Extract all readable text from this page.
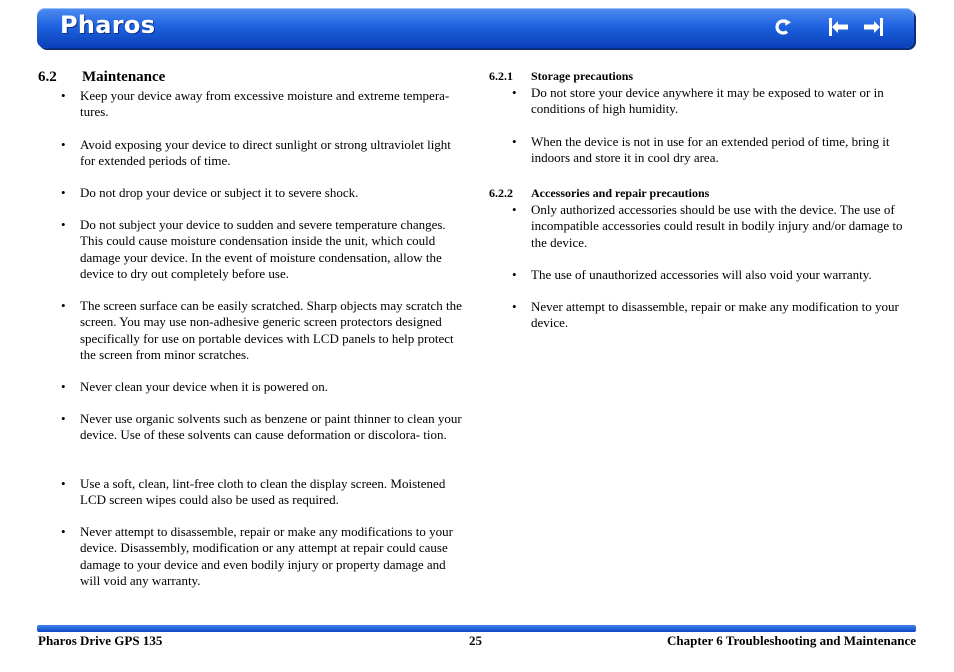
Pharos
6.2 Maintenance
• Keep your device away from excessive moisture and extreme tempera- tures.
• Avoid exposing your device to direct sunlight or strong ultraviolet light for extended periods of time.
• Do not drop your device or subject it to severe shock.
• Do not subject your device to sudden and severe temperature changes. This could cause moisture condensation inside the unit, which could damage your device. In the event of moisture condensation, allow the device to dry out completely before use.
• The screen surface can be easily scratched. Sharp objects may scratch the screen. You may use non-adhesive generic screen protectors designed specifically for use on portable devices with LCD panels to help protect the screen from minor scratches.
• Never clean your device when it is powered on.
• Never use organic solvents such as benzene or paint thinner to clean your device. Use of these solvents can cause deformation or discolora- tion.
• Use a soft, clean, lint-free cloth to clean the display screen. Moistened LCD screen wipes could also be used as required.
• Never attempt to disassemble, repair or make any modifications to your device. Disassembly, modification or any attempt at repair could cause damage to your device and even bodily injury or property damage and will void any warranty.
6.2.1 Storage precautions
• Do not store your device anywhere it may be exposed to water or in conditions of high humidity.
• When the device is not in use for an extended period of time, bring it indoors and store it in cool dry area.
6.2.2 Accessories and repair precautions
• Only authorized accessories should be use with the device. The use of incompatible accessories could result in bodily injury and/or damage to the device.
• The use of unauthorized accessories will also void your warranty.
• Never attempt to disassemble, repair or make any modification to your device.
Pharos Drive GPS 135	25	Chapter 6 Troubleshooting and Maintenance
